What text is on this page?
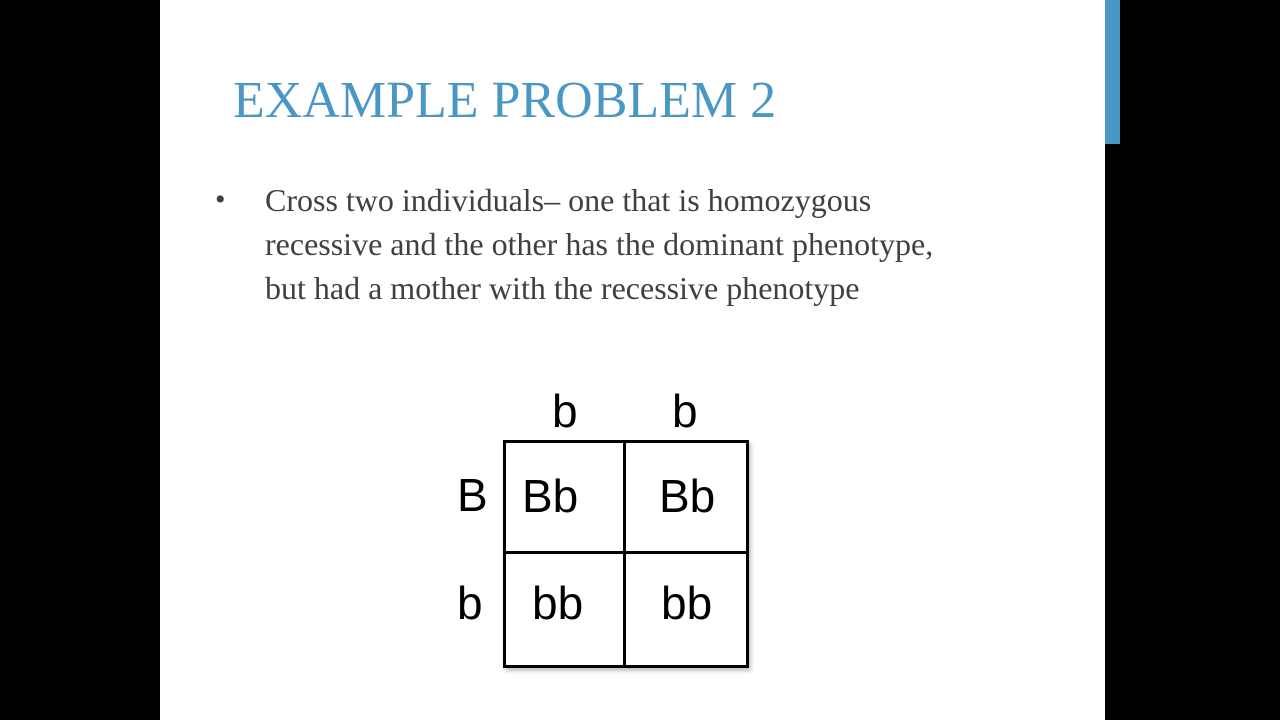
EXAMPLE PROBLEM 2
•	Cross two individuals– one that is homozygous recessive and the other has the dominant phenotype, but had a mother with the recessive phenotype

b b
B
b
Bb Bb
bb bb
